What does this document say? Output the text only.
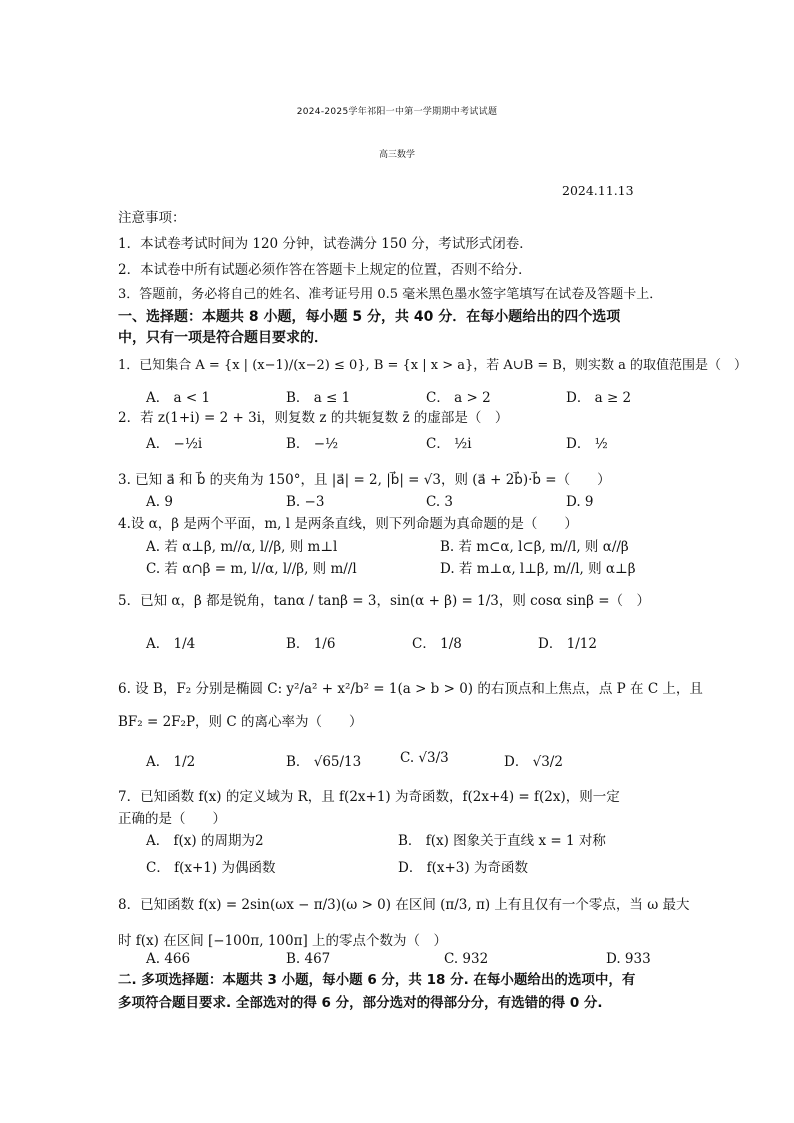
2024-2025学年祁阳一中第一学期期中考试试题
高三数学
2024.11.13
注意事项：
1．本试卷考试时间为 120 分钟，试卷满分 150 分，考试形式闭卷．
2．本试卷中所有试题必须作答在答题卡上规定的位置，否则不给分．
3．答题前，务必将自己的姓名、准考证号用 0.5 毫米黑色墨水签字笔填写在试卷及答题卡上．
一、选择题：本题共 8 小题，每小题 5 分，共 40 分．在每小题给出的四个选项
中，只有一项是符合题目要求的．
1．已知集合 A = {x | (x−1)/(x−2) ≤ 0}, B = {x | x > a}，若 A∪B = B，则实数 a 的取值范围是（　）
A． a < 1	B． a ≤ 1	C． a > 2	D． a ≥ 2
2．若 z(1+i) = 2 + 3i，则复数 z 的共轭复数 z̄ 的虚部是（　）
A． −½i	B． −½	C． ½i	D． ½
3. 已知 a⃗ 和 b⃗ 的夹角为 150°，且 |a⃗| = 2, |b⃗| = √3，则 (a⃗ + 2b⃗)·b⃗ =（　　）
A. 9	B. −3	C. 3	D. 9
4.设 α，β 是两个平面，m, l 是两条直线，则下列命题为真命题的是（　　）
A. 若 α⊥β, m//α, l//β, 则 m⊥l	B. 若 m⊂α, l⊂β, m//l, 则 α//β
C. 若 α∩β = m, l//α, l//β, 则 m//l	D. 若 m⊥α, l⊥β, m//l, 则 α⊥β
5．已知 α，β 都是锐角，tanα / tanβ = 3，sin(α + β) = 1/3，则 cosα sinβ =（　）
A． 1/4	B． 1/6	C． 1/8	D． 1/12
6. 设 B，F₂ 分别是椭圆 C: y²/a² + x²/b² = 1(a > b > 0) 的右顶点和上焦点，点 P 在 C 上，且
BF₂ = 2F₂P，则 C 的离心率为（　　）
A． 1/2	B． √65/13	C. √3/3	D． √3/2
7．已知函数 f(x) 的定义域为 R，且 f(2x+1) 为奇函数，f(2x+4) = f(2x)，则一定
正确的是（　　）
A． f(x) 的周期为2	B． f(x) 图象关于直线 x = 1 对称
C． f(x+1) 为偶函数	D． f(x+3) 为奇函数
8．已知函数 f(x) = 2sin(ωx − π/3)(ω > 0) 在区间 (π/3, π) 上有且仅有一个零点，当 ω 最大
时 f(x) 在区间 [−100π, 100π] 上的零点个数为（　）
A. 466	B. 467	C. 932	D. 933
二. 多项选择题：本题共 3 小题，每小题 6 分，共 18 分. 在每小题给出的选项中，有
多项符合题目要求. 全部选对的得 6 分，部分选对的得部分分，有选错的得 0 分.
